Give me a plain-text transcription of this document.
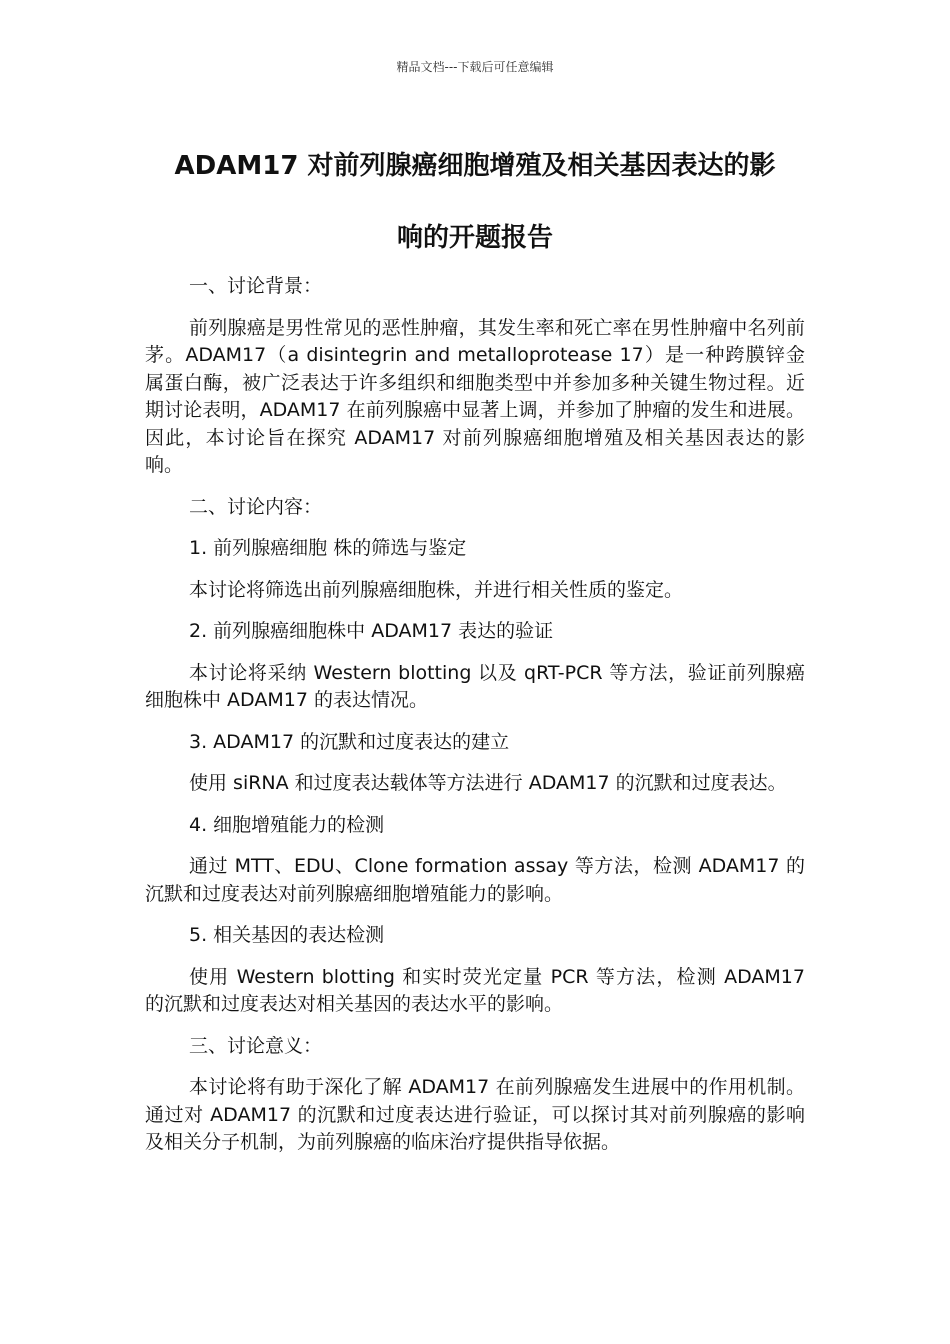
精品文档---下载后可任意编辑
ADAM17 对前列腺癌细胞增殖及相关基因表达的影
响的开题报告

一、讨论背景：

前列腺癌是男性常见的恶性肿瘤，其发生率和死亡率在男性肿瘤中名列前茅。ADAM17（a disintegrin and metalloprotease 17）是一种跨膜锌金属蛋白酶，被广泛表达于许多组织和细胞类型中并参加多种关键生物过程。近期讨论表明，ADAM17 在前列腺癌中显著上调，并参加了肿瘤的发生和进展。因此，本讨论旨在探究 ADAM17 对前列腺癌细胞增殖及相关基因表达的影响。

二、讨论内容：

1. 前列腺癌细胞 株的筛选与鉴定

本讨论将筛选出前列腺癌细胞株，并进行相关性质的鉴定。

2. 前列腺癌细胞株中 ADAM17 表达的验证

本讨论将采纳 Western blotting 以及 qRT-PCR 等方法，验证前列腺癌细胞株中 ADAM17 的表达情况。

3. ADAM17 的沉默和过度表达的建立

使用 siRNA 和过度表达载体等方法进行 ADAM17 的沉默和过度表达。

4. 细胞增殖能力的检测

通过 MTT、EDU、Clone formation assay 等方法，检测 ADAM17 的沉默和过度表达对前列腺癌细胞增殖能力的影响。

5. 相关基因的表达检测

使用 Western blotting 和实时荧光定量 PCR 等方法，检测 ADAM17 的沉默和过度表达对相关基因的表达水平的影响。

三、讨论意义：

本讨论将有助于深化了解 ADAM17 在前列腺癌发生进展中的作用机制。通过对 ADAM17 的沉默和过度表达进行验证，可以探讨其对前列腺癌的影响及相关分子机制，为前列腺癌的临床治疗提供指导依据。
